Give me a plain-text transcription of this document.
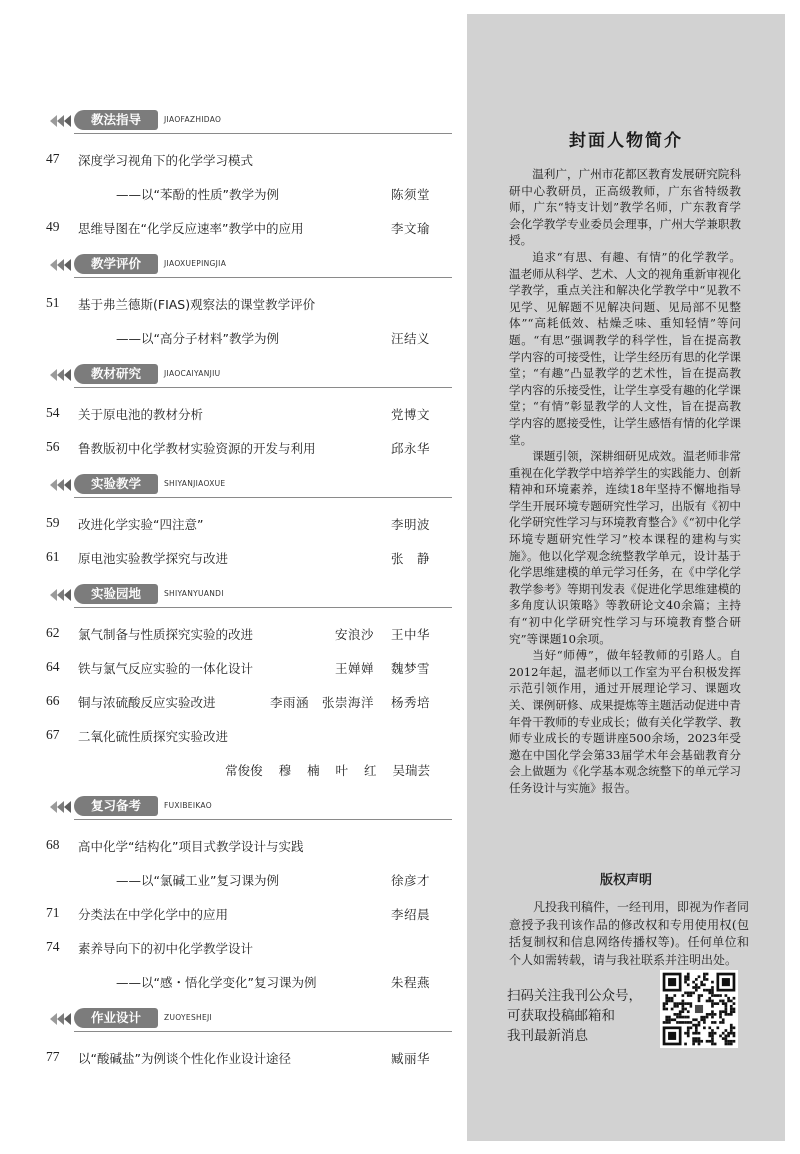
教法指导	JIAOFAZHIDAO
47	深度学习视角下的化学学习模式
——以“苯酚的性质”教学为例	陈须堂
49	思维导图在“化学反应速率”教学中的应用	李文瑜
教学评价	JIAOXUEPINGJIA
51	基于弗兰德斯(FIAS)观察法的课堂教学评价
——以“高分子材料”教学为例	汪结义
教材研究	JIAOCAIYANJIU
54	关于原电池的教材分析	党博文
56	鲁教版初中化学教材实验资源的开发与利用	邱永华
实验教学	SHIYANJIAOXUE
59	改进化学实验“四注意”	李明波
61	原电池实验教学探究与改进	张　静
实验园地	SHIYANYUANDI
62	氯气制备与性质探究实验的改进	安浪沙 王中华
64	铁与氯气反应实验的一体化设计	王婵婵 魏梦雪
66	铜与浓硫酸反应实验改进	李雨涵　张崇海洋 杨秀培
67	二氧化硫性质探究实验改进
常俊俊 穆 楠 叶 红 吴瑞芸
复习备考	FUXIBEIKAO
68	高中化学“结构化”项目式教学设计与实践
——以“氯碱工业”复习课为例	徐彦才
71	分类法在中学化学中的应用	李绍晨
74	素养导向下的初中化学教学设计
——以“感・悟化学变化”复习课为例	朱程燕
作业设计	ZUOYESHEJI
77	以“酸碱盐”为例谈个性化作业设计途径	臧丽华
封面人物简介

温利广，广州市花都区教育发展研究院科研中心教研员，正高级教师，广东省特级教师，广东“特支计划”教学名师，广东教育学会化学教学专业委员会理事，广州大学兼职教授。

追求“有思、有趣、有情”的化学教学。温老师从科学、艺术、人文的视角重新审视化学教学，重点关注和解决化学教学中“见教不见学、见解题不见解决问题、见局部不见整体”“高耗低效、枯燥乏味、重知轻情”等问题。“有思”强调教学的科学性，旨在提高教学内容的可接受性，让学生经历有思的化学课堂；“有趣”凸显教学的艺术性，旨在提高教学内容的乐接受性，让学生享受有趣的化学课堂；“有情”彰显教学的人文性，旨在提高教学内容的愿接受性，让学生感悟有情的化学课堂。

课题引领，深耕细研见成效。温老师非常重视在化学教学中培养学生的实践能力、创新精神和环境素养，连续18年坚持不懈地指导学生开展环境专题研究性学习，出版有《初中化学研究性学习与环境教育整合》《“初中化学环境专题研究性学习”校本课程的建构与实施》。他以化学观念统整教学单元，设计基于化学思维建模的单元学习任务，在《中学化学教学参考》等期刊发表《促进化学思维建模的多角度认识策略》等教研论文40余篇；主持有“初中化学研究性学习与环境教育整合研究”等课题10余项。

当好“师傅”，做年轻教师的引路人。自2012年起，温老师以工作室为平台积极发挥示范引领作用，通过开展理论学习、课题攻关、课例研修、成果提炼等主题活动促进中青年骨干教师的专业成长；做有关化学教学、教师专业成长的专题讲座500余场，2023年受邀在中国化学会第33届学术年会基础教育分会上做题为《化学基本观念统整下的单元学习任务设计与实施》报告。

版权声明

凡投我刊稿件，一经刊用，即视为作者同意授予我刊该作品的修改权和专用使用权(包括复制权和信息网络传播权等)。任何单位和个人如需转载，请与我社联系并注明出处。

扫码关注我刊公众号，
可获取投稿邮箱和
我刊最新消息
